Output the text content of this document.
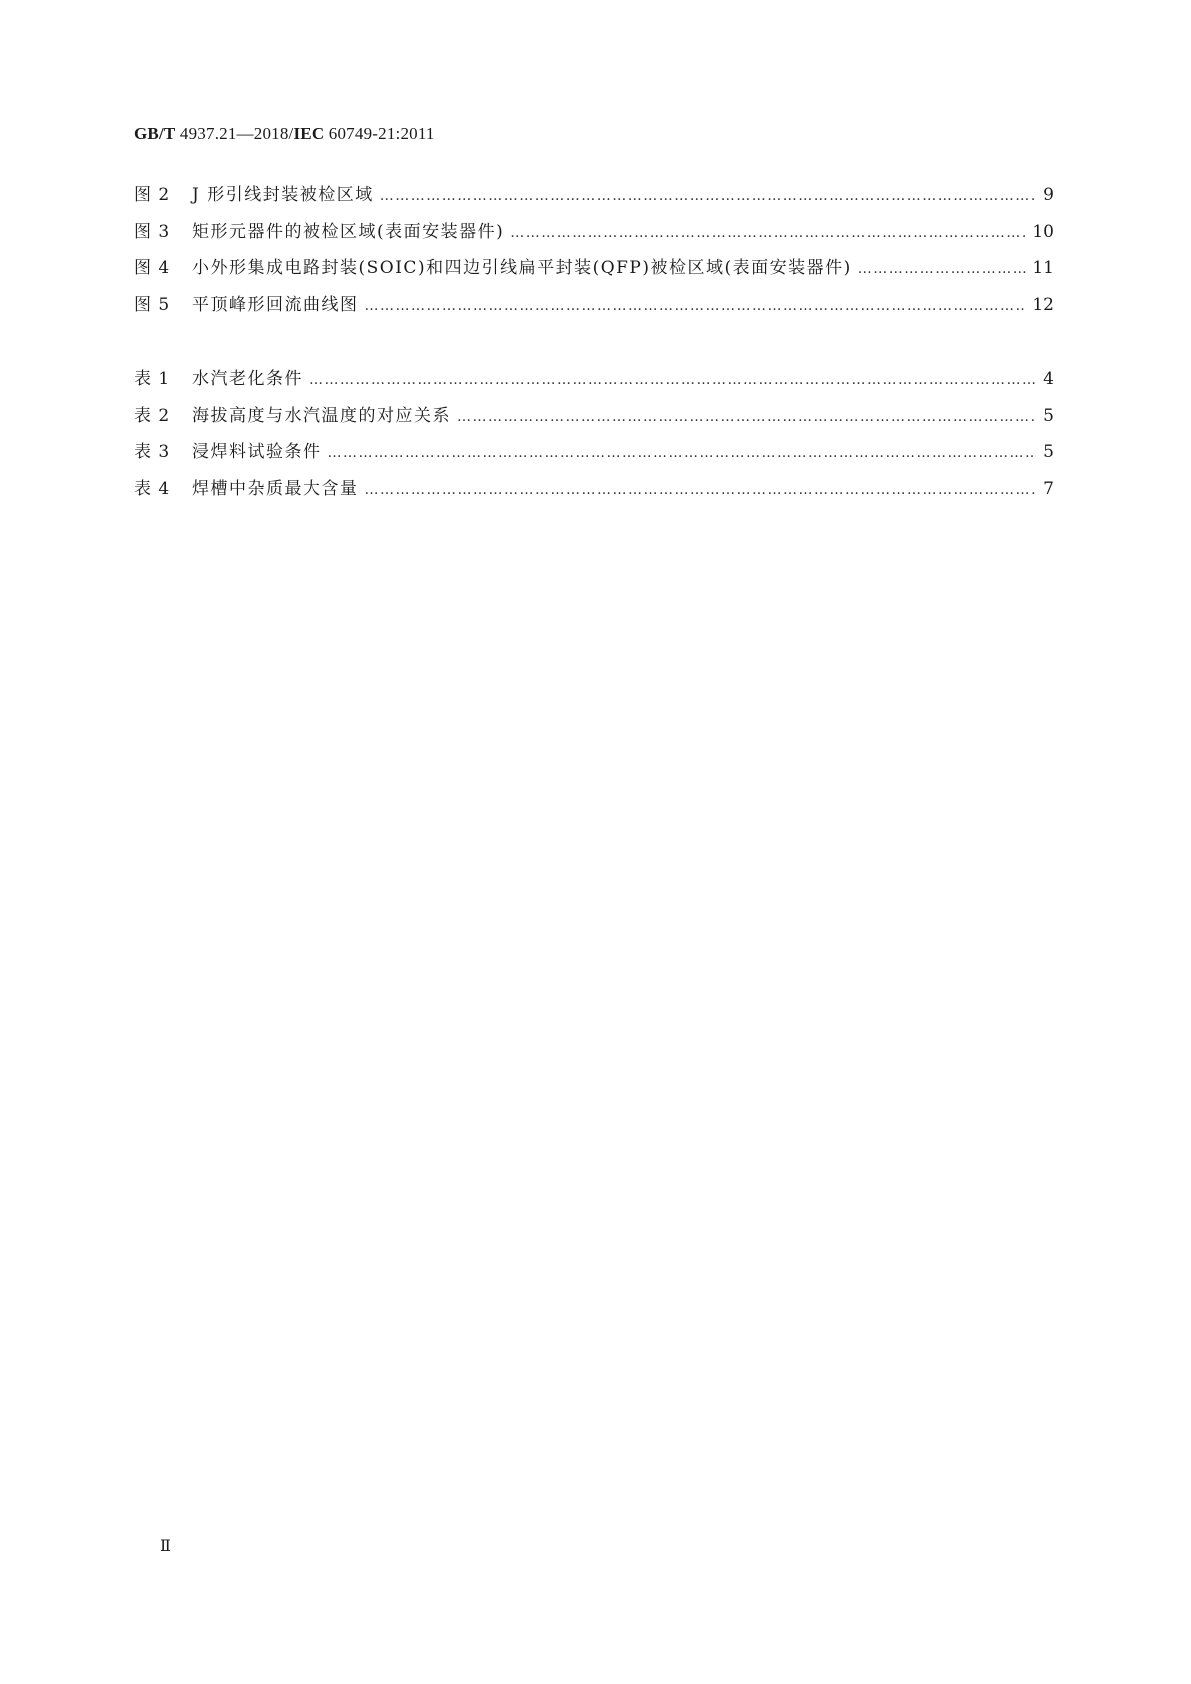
GB/T 4937.21—2018/IEC 60749-21:2011
图 2	J 形引线封装被检区域 ……………………………………………………………………………………………………………………………………………………………………………………………………………………	9
图 3	矩形元器件的被检区域(表面安装器件) ……………………………………………………………………………………………………………………………………………………………………………………………………………………	10
图 4	小外形集成电路封装(SOIC)和四边引线扁平封装(QFP)被检区域(表面安装器件) ……………………………………………………………………………………………………………………………………………………………………………………………………………………	11
图 5	平顶峰形回流曲线图 ……………………………………………………………………………………………………………………………………………………………………………………………………………………	12
表 1	水汽老化条件 ……………………………………………………………………………………………………………………………………………………………………………………………………………………	4
表 2	海拔高度与水汽温度的对应关系 ……………………………………………………………………………………………………………………………………………………………………………………………………………………	5
表 3	浸焊料试验条件 ……………………………………………………………………………………………………………………………………………………………………………………………………………………	5
表 4	焊槽中杂质最大含量 ……………………………………………………………………………………………………………………………………………………………………………………………………………………	7
Ⅱ
